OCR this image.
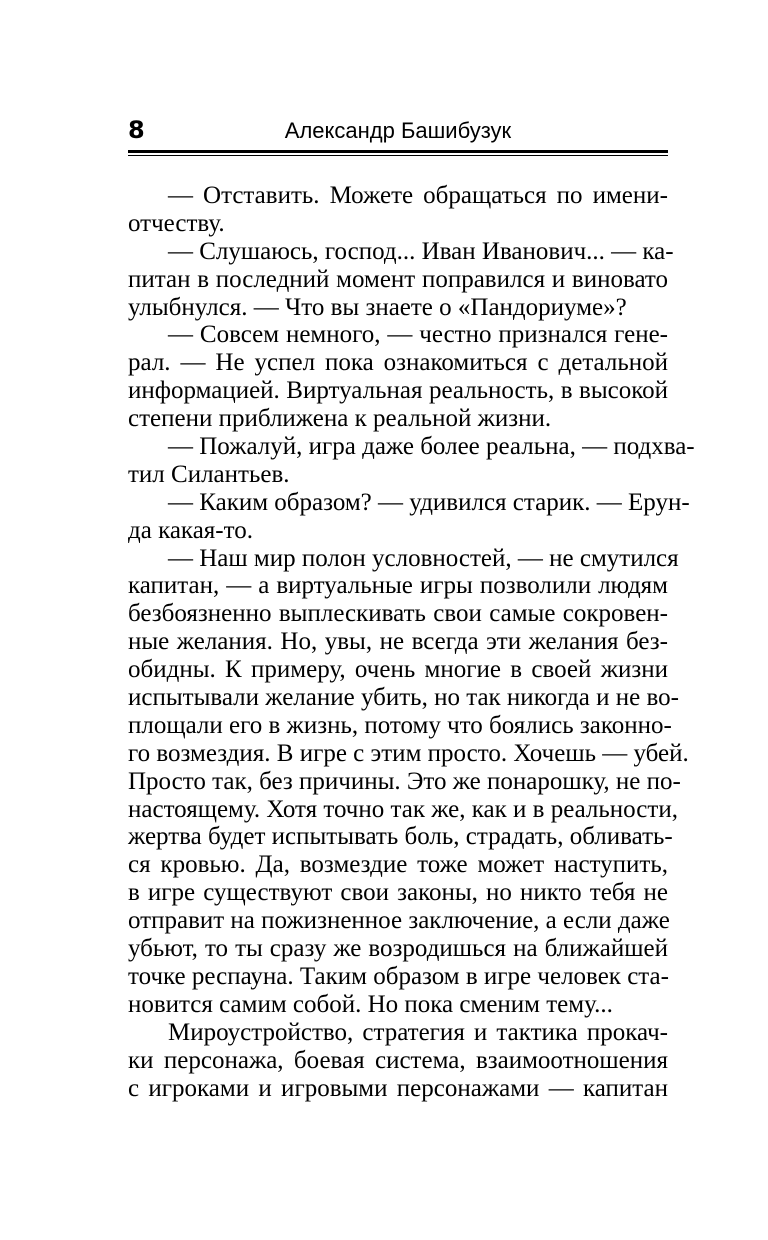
8	Александр Башибузук
— Отставить. Можете обращаться по имени-
отчеству.
— Слушаюсь, господ... Иван Иванович... — ка-
питан в последний момент поправился и виновато
улыбнулся. — Что вы знаете о «Пандориуме»?
— Совсем немного, — честно признался гене-
рал. — Не успел пока ознакомиться с детальной
информацией. Виртуальная реальность, в высокой
степени приближена к реальной жизни.
— Пожалуй, игра даже более реальна, — подхва-
тил Силантьев.
— Каким образом? — удивился старик. — Ерун-
да какая-то.
— Наш мир полон условностей, — не смутился
капитан, — а виртуальные игры позволили людям
безбоязненно выплескивать свои самые сокровен-
ные желания. Но, увы, не всегда эти желания без-
обидны. К примеру, очень многие в своей жизни
испытывали желание убить, но так никогда и не во-
площали его в жизнь, потому что боялись законно-
го возмездия. В игре с этим просто. Хочешь — убей.
Просто так, без причины. Это же понарошку, не по-
настоящему. Хотя точно так же, как и в реальности,
жертва будет испытывать боль, страдать, обливать-
ся кровью. Да, возмездие тоже может наступить,
в игре существуют свои законы, но никто тебя не
отправит на пожизненное заключение, а если даже
убьют, то ты сразу же возродишься на ближайшей
точке респауна. Таким образом в игре человек ста-
новится самим собой. Но пока сменим тему...
Мироустройство, стратегия и тактика прокач-
ки персонажа, боевая система, взаимоотношения
с игроками и игровыми персонажами — капитан
